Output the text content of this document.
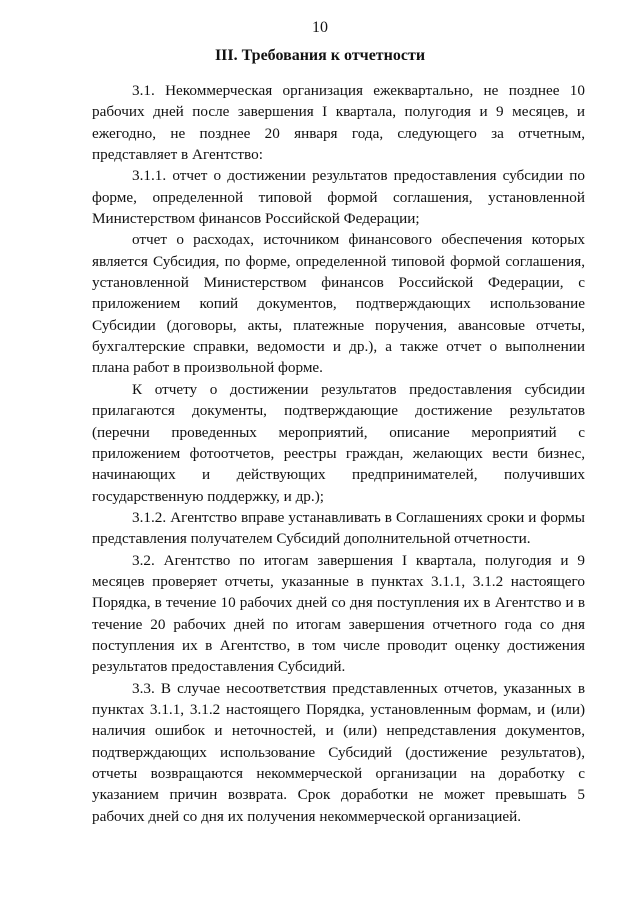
10
III. Требования к отчетности

3.1. Некоммерческая организация ежеквартально, не позднее 10 рабочих дней после завершения I квартала, полугодия и 9 месяцев, и ежегодно, не позднее 20 января года, следующего за отчетным, представляет в Агентство:

3.1.1. отчет о достижении результатов предоставления субсидии по форме, определенной типовой формой соглашения, установленной Министерством финансов Российской Федерации;

отчет о расходах, источником финансового обеспечения которых является Субсидия, по форме, определенной типовой формой соглашения, установленной Министерством финансов Российской Федерации, с приложением копий документов, подтверждающих использование Субсидии (договоры, акты, платежные поручения, авансовые отчеты, бухгалтерские справки, ведомости и др.), а также отчет о выполнении плана работ в произвольной форме.

К отчету о достижении результатов предоставления субсидии прилагаются документы, подтверждающие достижение результатов (перечни проведенных мероприятий, описание мероприятий с приложением фотоотчетов, реестры граждан, желающих вести бизнес, начинающих и действующих предпринимателей, получивших государственную поддержку, и др.);

3.1.2. Агентство вправе устанавливать в Соглашениях сроки и формы представления получателем Субсидий дополнительной отчетности.

3.2. Агентство по итогам завершения I квартала, полугодия и 9 месяцев проверяет отчеты, указанные в пунктах 3.1.1, 3.1.2 настоящего Порядка, в течение 10 рабочих дней со дня поступления их в Агентство и в течение 20 рабочих дней по итогам завершения отчетного года со дня поступления их в Агентство, в том числе проводит оценку достижения результатов предоставления Субсидий.

3.3. В случае несоответствия представленных отчетов, указанных в пунктах 3.1.1, 3.1.2 настоящего Порядка, установленным формам, и (или) наличия ошибок и неточностей, и (или) непредставления документов, подтверждающих использование Субсидий (достижение результатов), отчеты возвращаются некоммерческой организации на доработку с указанием причин возврата. Срок доработки не может превышать 5 рабочих дней со дня их получения некоммерческой организацией.
